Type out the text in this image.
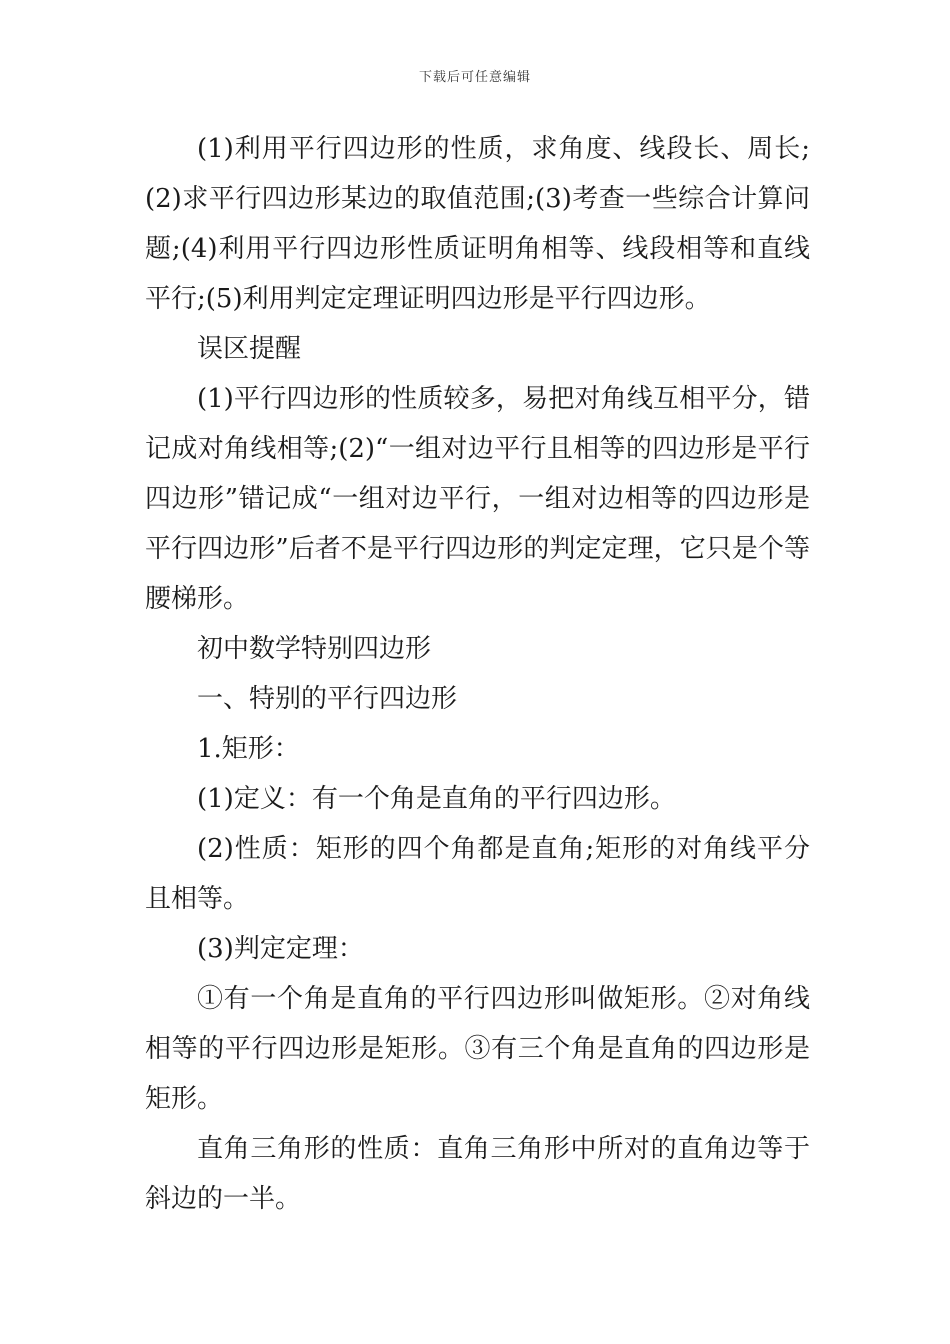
下载后可任意编辑

(1)利用平行四边形的性质，求角度、线段长、周长;(2)求平行四边形某边的取值范围;(3)考查一些综合计算问题;(4)利用平行四边形性质证明角相等、线段相等和直线平行;(5)利用判定定理证明四边形是平行四边形。

误区提醒

(1)平行四边形的性质较多，易把对角线互相平分，错记成对角线相等;(2)“一组对边平行且相等的四边形是平行四边形”错记成“一组对边平行，一组对边相等的四边形是平行四边形”后者不是平行四边形的判定定理，它只是个等腰梯形。

初中数学特别四边形

一、特别的平行四边形

1.矩形：

(1)定义：有一个角是直角的平行四边形。

(2)性质：矩形的四个角都是直角;矩形的对角线平分且相等。

(3)判定定理：

①有一个角是直角的平行四边形叫做矩形。②对角线相等的平行四边形是矩形。③有三个角是直角的四边形是矩形。

直角三角形的性质：直角三角形中所对的直角边等于斜边的一半。
